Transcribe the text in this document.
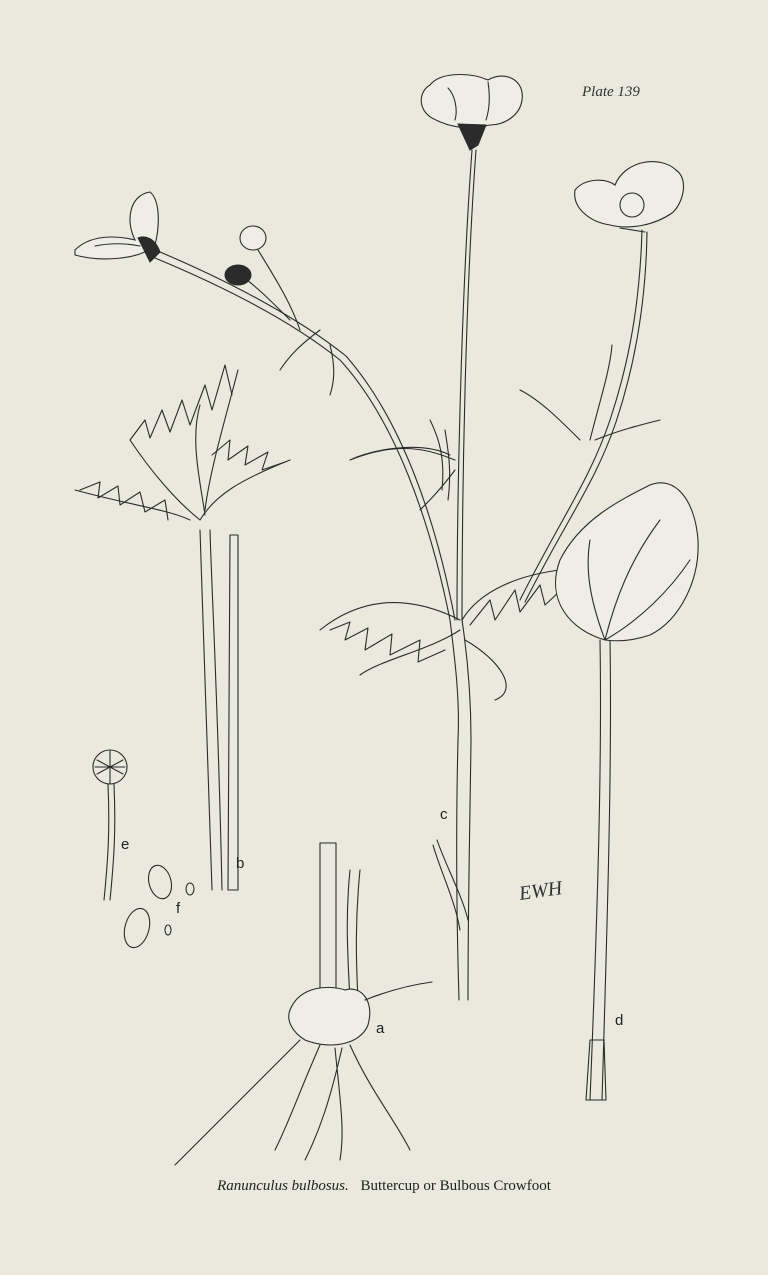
Plate 139
a
b
c
d
e
f
EWH
Ranunculus bulbosus. Buttercup or Bulbous Crowfoot
